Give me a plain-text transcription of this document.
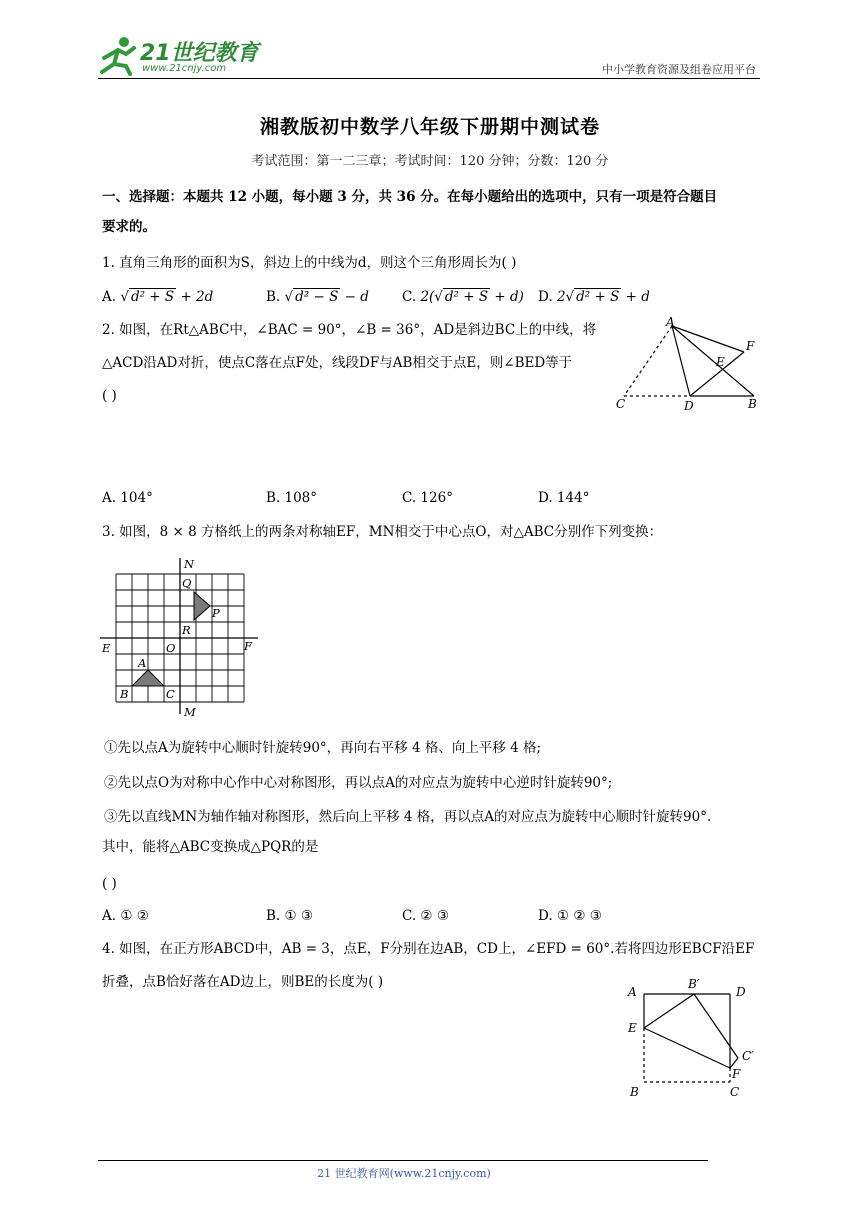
21世纪教育
www.21cnjy.com	中小学教育资源及组卷应用平台
湘教版初中数学八年级下册期中测试卷
考试范围：第一二三章；考试时间：120 分钟；分数：120 分
一、选择题：本题共 12 小题，每小题 3 分，共 36 分。在每小题给出的选项中，只有一项是符合题目
要求的。
1. 直角三角形的面积为S，斜边上的中线为d，则这个三角形周长为( )
A. √ d² + S + 2d	B. √ d² − S − d C. 2(√ d² + S + d) D. 2√ d² + S + d
2. 如图，在Rt△ABC中，∠BAC = 90°，∠B = 36°，AD是斜边BC上的中线，将
△ACD沿AD对折，使点C落在点F处，线段DF与AB相交于点E，则∠BED等于
( )
A
C	D	B
E
F
A. 104°	B. 108°	C. 126°	D. 144°
3. 如图，8 × 8 方格纸上的两条对称轴EF，MN相交于中心点O，对△ABC分别作下列变换：
N
Q
P
R
E	O	F
A
B	C
M
①先以点A为旋转中心顺时针旋转90°，再向右平移 4 格、向上平移 4 格;
②先以点O为对称中心作中心对称图形，再以点A的对应点为旋转中心逆时针旋转90°;
③先以直线MN为轴作轴对称图形，然后向上平移 4 格，再以点A的对应点为旋转中心顺时针旋转90°.
其中，能将△ABC变换成△PQR的是
( )
A. ① ②	B. ① ③	C. ② ③	D. ① ② ③
4. 如图，在正方形ABCD中，AB = 3，点E，F分别在边AB，CD上，∠EFD = 60°.若将四边形EBCF沿EF
折叠，点B恰好落在AD边上，则BE的长度为( )
A
B′
D
E
C′
F
B	C
21 世纪教育网(www.21cnjy.com)
